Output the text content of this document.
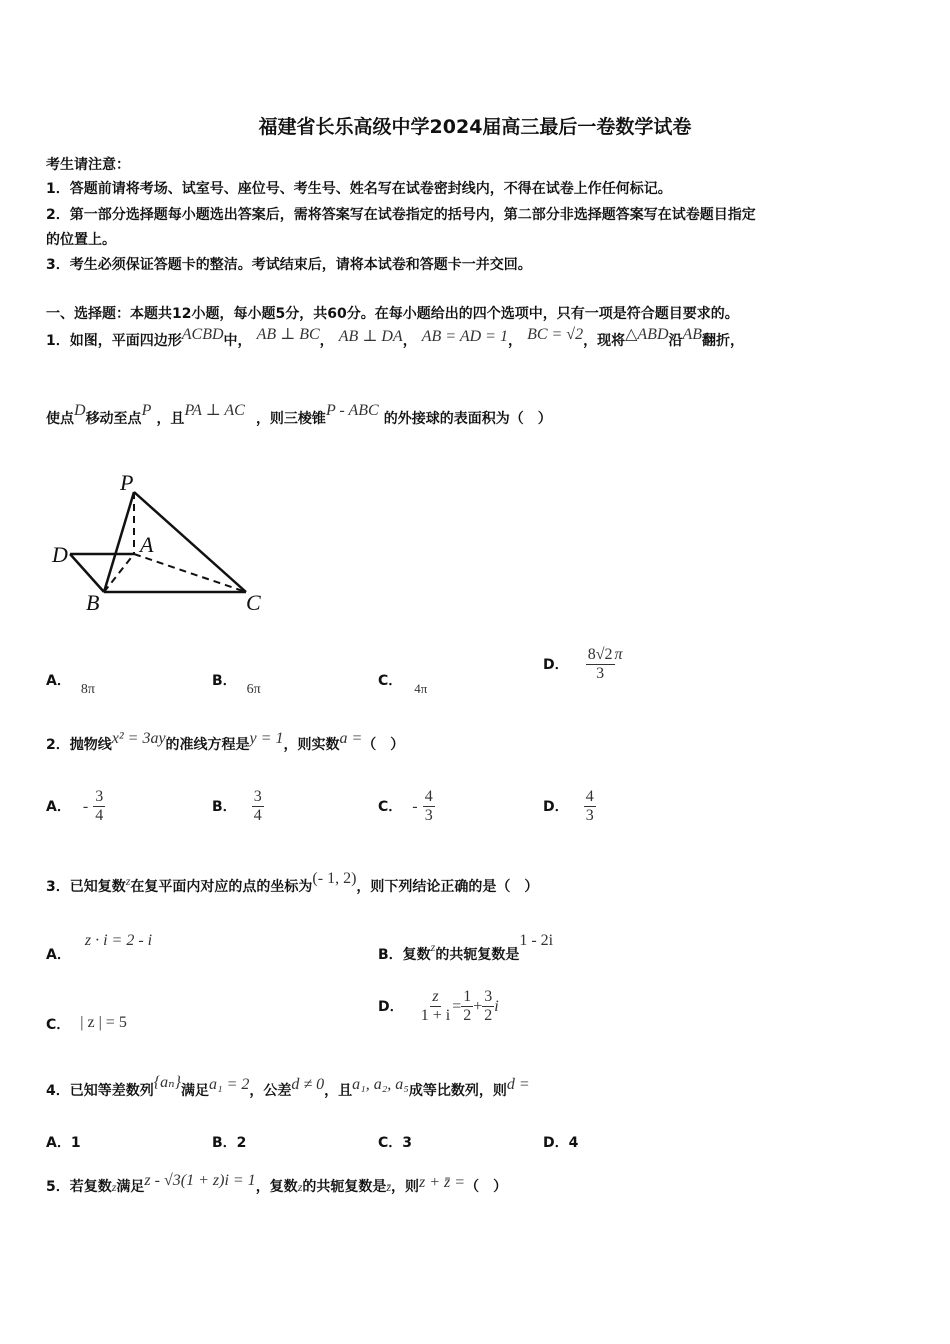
福建省长乐高级中学2024届高三最后一卷数学试卷
考生请注意：
1．答题前请将考场、试室号、座位号、考生号、姓名写在试卷密封线内，不得在试卷上作任何标记。
2．第一部分选择题每小题选出答案后，需将答案写在试卷指定的括号内，第二部分非选择题答案写在试卷题目指定
的位置上。
3．考生必须保证答题卡的整洁。考试结束后，请将本试卷和答题卡一并交回。
一、选择题：本题共12小题，每小题5分，共60分。在每小题给出的四个选项中，只有一项是符合题目要求的。
1．如图，平面四边形ACBD中， AB ⊥ BC， AB ⊥ DA， AB = AD = 1， BC = √2，现将△ABD沿AB翻折，
使点D移动至点P ，且PA ⊥ AC ，则三棱锥P - ABC 的外接球的表面积为（　）
P
A
D
B	C
A．8π
B．6π
C． $_{4\pi}$
D． $\frac{8√2}{3}$ π
2．抛物线x² = 3ay的准线方程是y = 1，则实数a =（　）
A． - $\frac{3}{4}$	B． $\frac{3}{4}$	C． - $\frac{4}{3}$	D． $\frac{4}{3}$
3．已知复数$^z$在复平面内对应的点的坐标为(- 1, 2)，则下列结论正确的是（　）
A．z · i = 2 - i
B．复数$_z$的共轭复数是1 - 2i
C． | z | = 5
D． $\frac{z}{1 + i} = \frac{1}{2} + \frac{3}{2}$ i
4．已知等差数列{aₙ}满足a₁ = 2，公差d ≠ 0，且a₁, a₂, a₅成等比数列，则d =
A．1	B．2	C．3	D．4
5．若复数z满足z - √3(1 + z)i = 1，复数z的共轭复数是z̄，则z + z̄ =（　）
